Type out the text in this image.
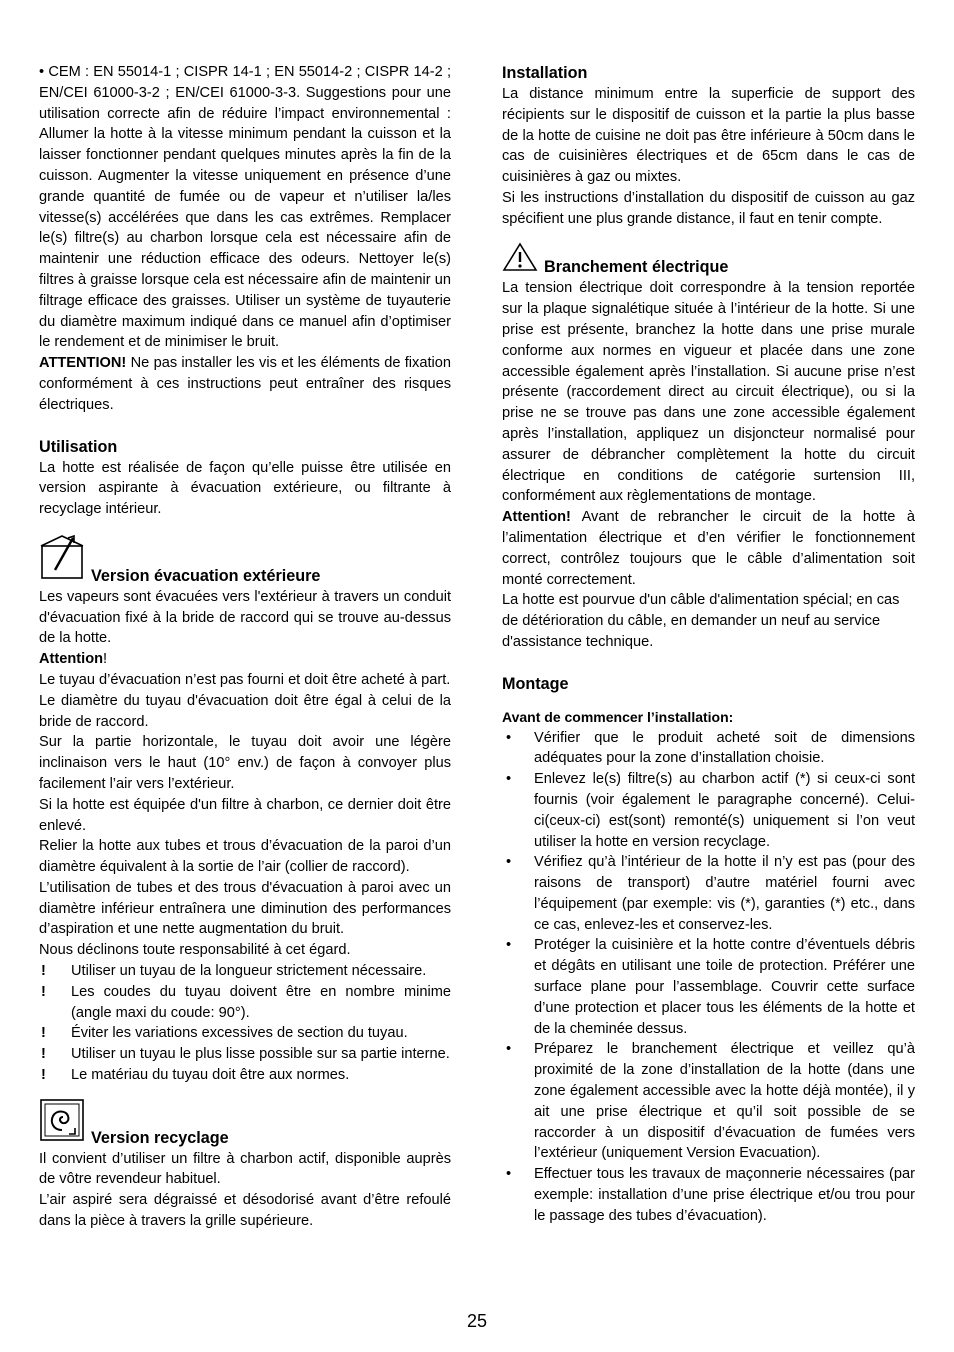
• CEM : EN 55014-1 ; CISPR 14-1 ; EN 55014-2 ; CISPR 14-2 ; EN/CEI 61000-3-2 ; EN/CEI 61000-3-3. Suggestions pour une utilisation correcte afin de réduire l’impact environnemental : Allumer la hotte à la vitesse minimum pendant la cuisson et la laisser fonctionner pendant quelques minutes après la fin de la cuisson. Augmenter la vitesse uniquement en présence d’une grande quantité de fumée ou de vapeur et n’utiliser la/les vitesse(s) accélérées que dans les cas extrêmes. Remplacer le(s) filtre(s) au charbon lorsque cela est nécessaire afin de maintenir une réduction efficace des odeurs. Nettoyer le(s) filtres à graisse lorsque cela est nécessaire afin de maintenir un filtrage efficace des graisses. Utiliser un système de tuyauterie du diamètre maximum indiqué dans ce manuel afin d’optimiser le rendement et de minimiser le bruit.

ATTENTION! Ne pas installer les vis et les éléments de fixation conformément à ces instructions peut entraîner des risques électriques.

Utilisation

La hotte est réalisée de façon qu’elle puisse être utilisée en version aspirante à évacuation extérieure, ou filtrante à recyclage intérieur.

Version évacuation extérieure

Les vapeurs sont évacuées vers l'extérieur à travers un conduit d'évacuation fixé à la bride de raccord qui se trouve au-dessus de la hotte.

Attention!

Le tuyau d’évacuation n’est pas fourni et doit être acheté à part.

Le diamètre du tuyau d'évacuation doit être égal à celui de la bride de raccord.

Sur la partie horizontale, le tuyau doit avoir une légère inclinaison vers le haut (10° env.) de façon à convoyer plus facilement l’air vers l’extérieur.

Si la hotte est équipée d'un filtre à charbon, ce dernier doit être enlevé.

Relier la hotte aux tubes et trous d’évacuation de la paroi d’un diamètre équivalent à la sortie de l’air (collier de raccord).

L’utilisation de tubes et des trous d'évacuation à paroi avec un diamètre inférieur entraînera une diminution des performances d’aspiration et une nette augmentation du bruit.

Nous déclinons toute responsabilité à cet égard.

! Utiliser un tuyau de la longueur strictement nécessaire.
! Les coudes du tuyau doivent être en nombre minime (angle maxi du coude: 90°).
! Éviter les variations excessives de section du tuyau.
! Utiliser un tuyau le plus lisse possible sur sa partie interne.
! Le matériau du tuyau doit être aux normes.
Version recyclage

Il convient d’utiliser un filtre à charbon actif, disponible auprès de vôtre revendeur habituel.

L’air aspiré sera dégraissé et désodorisé avant d’être refoulé dans la pièce à travers la grille supérieure.

Installation

La distance minimum entre la superficie de support des récipients sur le dispositif de cuisson et la partie la plus basse de la hotte de cuisine ne doit pas être inférieure à 50cm dans le cas de cuisinières électriques et de 65cm dans le cas de cuisinières à gaz ou mixtes.

Si les instructions d’installation du dispositif de cuisson au gaz spécifient une plus grande distance, il faut en tenir compte.

Branchement électrique

La tension électrique doit correspondre à la tension reportée sur la plaque signalétique située à l’intérieur de la hotte. Si une prise est présente, branchez la hotte dans une prise murale conforme aux normes en vigueur et placée dans une zone accessible également après l’installation. Si aucune prise n’est présente (raccordement direct au circuit électrique), ou si la prise ne se trouve pas dans une zone accessible également après l’installation, appliquez un disjoncteur normalisé pour assurer de débrancher complètement la hotte du circuit électrique en conditions de catégorie surtension III, conformément aux règlementations de montage.

Attention! Avant de rebrancher le circuit de la hotte à l’alimentation électrique et d’en vérifier le fonctionnement correct, contrôlez toujours que le câble d’alimentation soit monté correctement.

La hotte est pourvue d'un câble d'alimentation spécial; en cas de détérioration du câble, en demander un neuf au service d'assistance technique.

Montage
Avant de commencer l’installation:
• Vérifier que le produit acheté soit de dimensions adéquates pour la zone d’installation choisie.
• Enlevez le(s) filtre(s) au charbon actif (*) si ceux-ci sont fournis (voir également le paragraphe concerné). Celui-ci(ceux-ci) est(sont) remonté(s) uniquement si l’on veut utiliser la hotte en version recyclage.
• Vérifiez qu’à l’intérieur de la hotte il n’y est pas (pour des raisons de transport) d’autre matériel fourni avec l’équipement (par exemple: vis (*), garanties (*) etc., dans ce cas, enlevez-les et conservez-les.
• Protéger la cuisinière et la hotte contre d’éventuels débris et dégâts en utilisant une toile de protection. Préférer une surface plane pour l’assemblage. Couvrir cette surface d’une protection et placer tous les éléments de la hotte et de la cheminée dessus.
• Préparez le branchement électrique et veillez qu’à proximité de la zone d’installation de la hotte (dans une zone également accessible avec la hotte déjà montée), il y ait une prise électrique et qu’il soit possible de se raccorder à un dispositif d’évacuation de fumées vers l’extérieur (uniquement Version Evacuation).
• Effectuer tous les travaux de maçonnerie nécessaires (par exemple: installation d’une prise électrique et/ou trou pour le passage des tubes d’évacuation).
25
